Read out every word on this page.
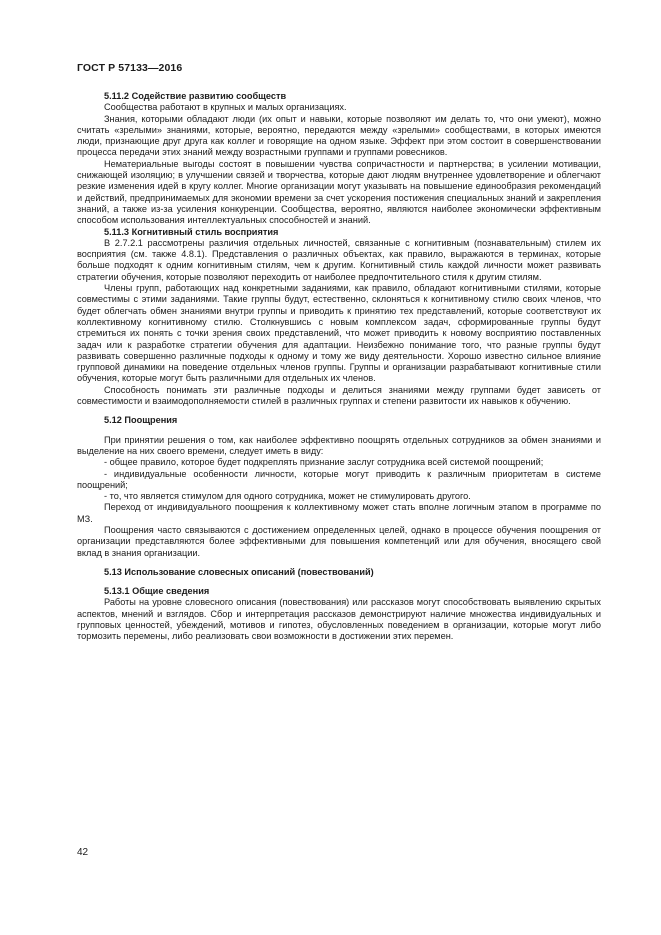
ГОСТ Р 57133—2016
5.11.2 Содействие развитию сообществ

Сообщества работают в крупных и малых организациях.

Знания, которыми обладают люди (их опыт и навыки, которые позволяют им делать то, что они умеют), можно считать «зрелыми» знаниями, которые, вероятно, передаются между «зрелыми» сообществами, в которых имеются люди, признающие друг друга как коллег и говорящие на одном языке. Эффект при этом состоит в совершенствовании процесса передачи этих знаний между возрастными группами и группами ровесников.

Нематериальные выгоды состоят в повышении чувства сопричастности и партнерства; в усилении мотивации, снижающей изоляцию; в улучшении связей и творчества, которые дают людям внутреннее удовлетворение и облегчают резкие изменения идей в кругу коллег. Многие организации могут указывать на повышение единообразия рекомендаций и действий, предпринимаемых для экономии времени за счет ускорения постижения специальных знаний и закрепления знаний, а также из-за усиления конкуренции. Сообщества, вероятно, являются наиболее экономически эффективным способом использования интеллектуальных способностей и знаний.

5.11.3 Когнитивный стиль восприятия

В 2.7.2.1 рассмотрены различия отдельных личностей, связанные с когнитивным (познавательным) стилем их восприятия (см. также 4.8.1). Представления о различных объектах, как правило, выражаются в терминах, которые больше подходят к одним когнитивным стилям, чем к другим. Когнитивный стиль каждой личности может развивать стратегии обучения, которые позволяют переходить от наиболее предпочтительного стиля к другим стилям.

Члены групп, работающих над конкретными заданиями, как правило, обладают когнитивными стилями, которые совместимы с этими заданиями. Такие группы будут, естественно, склоняться к когнитивному стилю своих членов, что будет облегчать обмен знаниями внутри группы и приводить к принятию тех представлений, которые соответствуют их коллективному когнитивному стилю. Столкнувшись с новым комплексом задач, сформированные группы будут стремиться их понять с точки зрения своих представлений, что может приводить к новому восприятию поставленных задач или к разработке стратегии обучения для адаптации. Неизбежно понимание того, что разные группы будут развивать совершенно различные подходы к одному и тому же виду деятельности. Хорошо известно сильное влияние групповой динамики на поведение отдельных членов группы. Группы и организации разрабатывают когнитивные стили обучения, которые могут быть различными для отдельных их членов.

Способность понимать эти различные подходы и делиться знаниями между группами будет зависеть от совместимости и взаимодополняемости стилей в различных группах и степени развитости их навыков к обучению.

5.12 Поощрения

При принятии решения о том, как наиболее эффективно поощрять отдельных сотрудников за обмен знаниями и выделение на них своего времени, следует иметь в виду:

- общее правило, которое будет подкреплять признание заслуг сотрудника всей системой поощрений;

- индивидуальные особенности личности, которые могут приводить к различным приоритетам в системе поощрений;

- то, что является стимулом для одного сотрудника, может не стимулировать другого.

Переход от индивидуального поощрения к коллективному может стать вполне логичным этапом в программе по МЗ.

Поощрения часто связываются с достижением определенных целей, однако в процессе обучения поощрения от организации представляются более эффективными для повышения компетенций или для обучения, вносящего свой вклад в знания организации.

5.13 Использование словесных описаний (повествований)
5.13.1 Общие сведения

Работы на уровне словесного описания (повествования) или рассказов могут способствовать выявлению скрытых аспектов, мнений и взглядов. Сбор и интерпретация рассказов демонстрируют наличие множества индивидуальных и групповых ценностей, убеждений, мотивов и гипотез, обусловленных поведением в организации, которые могут либо тормозить перемены, либо реализовать свои возможности в достижении этих перемен.

42
